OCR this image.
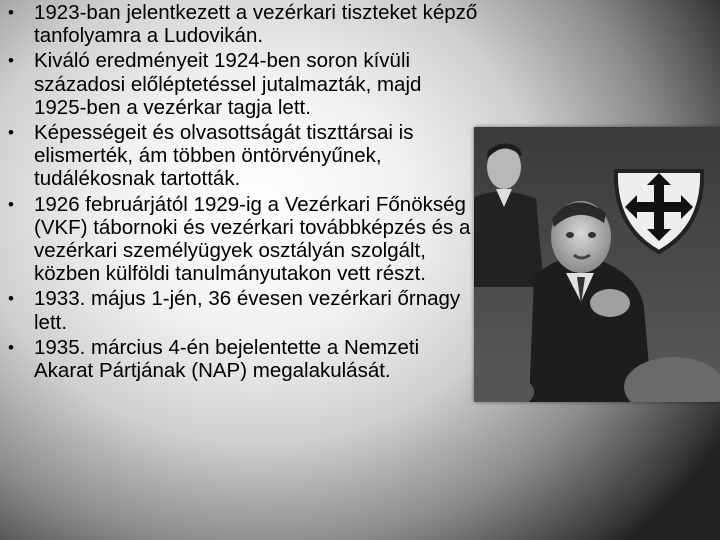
• 1923-ban jelentkezett a vezérkari tiszteket képző tanfolyamra a Ludovikán.
• Kiváló eredményeit 1924-ben soron kívüli századosi előléptetéssel jutalmazták, majd 1925-ben a vezérkar tagja lett.
• Képességeit és olvasottságát tiszttársai is elismerték, ám többen öntörvényűnek, tudálékosnak tartották.
• 1926 februárjától 1929-ig a Vezérkari Főnökség (VKF) tábornoki és vezérkari továbbképzés és a vezérkari személyügyek osztályán szolgált, közben külföldi tanulmányutakon vett részt.
• 1933. május 1-jén, 36 évesen vezérkari őrnagy lett.
• 1935. március 4-én bejelentette a Nemzeti Akarat Pártjának (NAP) megalakulását.
